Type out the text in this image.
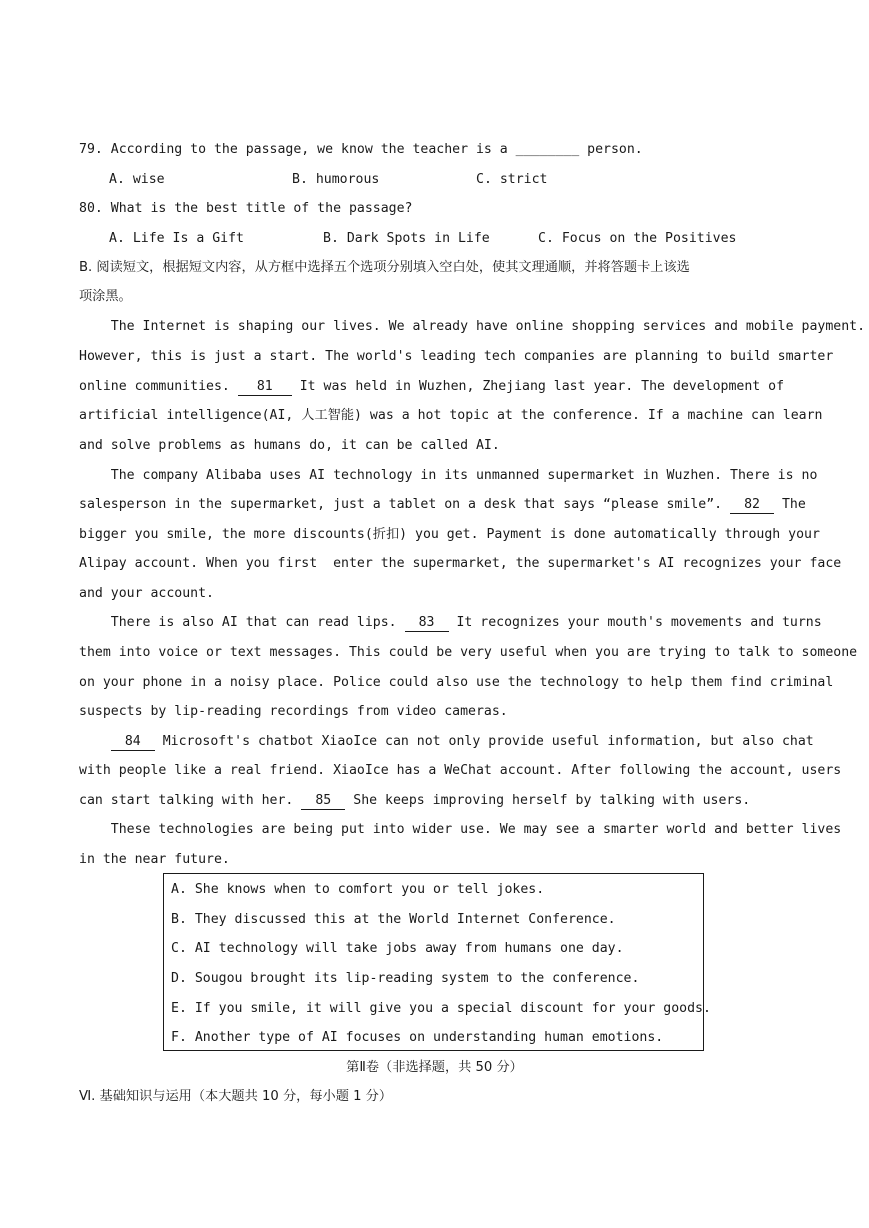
79. According to the passage, we know the teacher is a ________ person.
A. wise	B. humorous	C. strict
80. What is the best title of the passage?
A. Life Is a Gift	B. Dark Spots in Life	C. Focus on the Positives
B. 阅读短文，根据短文内容，从方框中选择五个选项分别填入空白处，使其文理通顺，并将答题卡上该选
项涂黑。
The Internet is shaping our lives. We already have online shopping services and mobile payment.
However, this is just a start. The world's leading tech companies are planning to build smarter
online communities. 81 It was held in Wuzhen, Zhejiang last year. The development of
artificial intelligence(AI, 人工智能) was a hot topic at the conference. If a machine can learn
and solve problems as humans do, it can be called AI.
The company Alibaba uses AI technology in its unmanned supermarket in Wuzhen. There is no
salesperson in the supermarket, just a tablet on a desk that says “please smile”. 82 The
bigger you smile, the more discounts(折扣) you get. Payment is done automatically through your
Alipay account. When you first  enter the supermarket, the supermarket's AI recognizes your face
and your account.
There is also AI that can read lips. 83 It recognizes your mouth's movements and turns
them into voice or text messages. This could be very useful when you are trying to talk to someone
on your phone in a noisy place. Police could also use the technology to help them find criminal
suspects by lip-reading recordings from video cameras.
84 Microsoft's chatbot XiaoIce can not only provide useful information, but also chat
with people like a real friend. XiaoIce has a WeChat account. After following the account, users
can start talking with her. 85 She keeps improving herself by talking with users.
These technologies are being put into wider use. We may see a smarter world and better lives
in the near future.
A. She knows when to comfort you or tell jokes.
B. They discussed this at the World Internet Conference.
C. AI technology will take jobs away from humans one day.
D. Sougou brought its lip-reading system to the conference.
E. If you smile, it will give you a special discount for your goods.
F. Another type of AI focuses on understanding human emotions.
第Ⅱ卷（非选择题，共 50 分）
Ⅵ. 基础知识与运用（本大题共 10 分，每小题 1 分）
